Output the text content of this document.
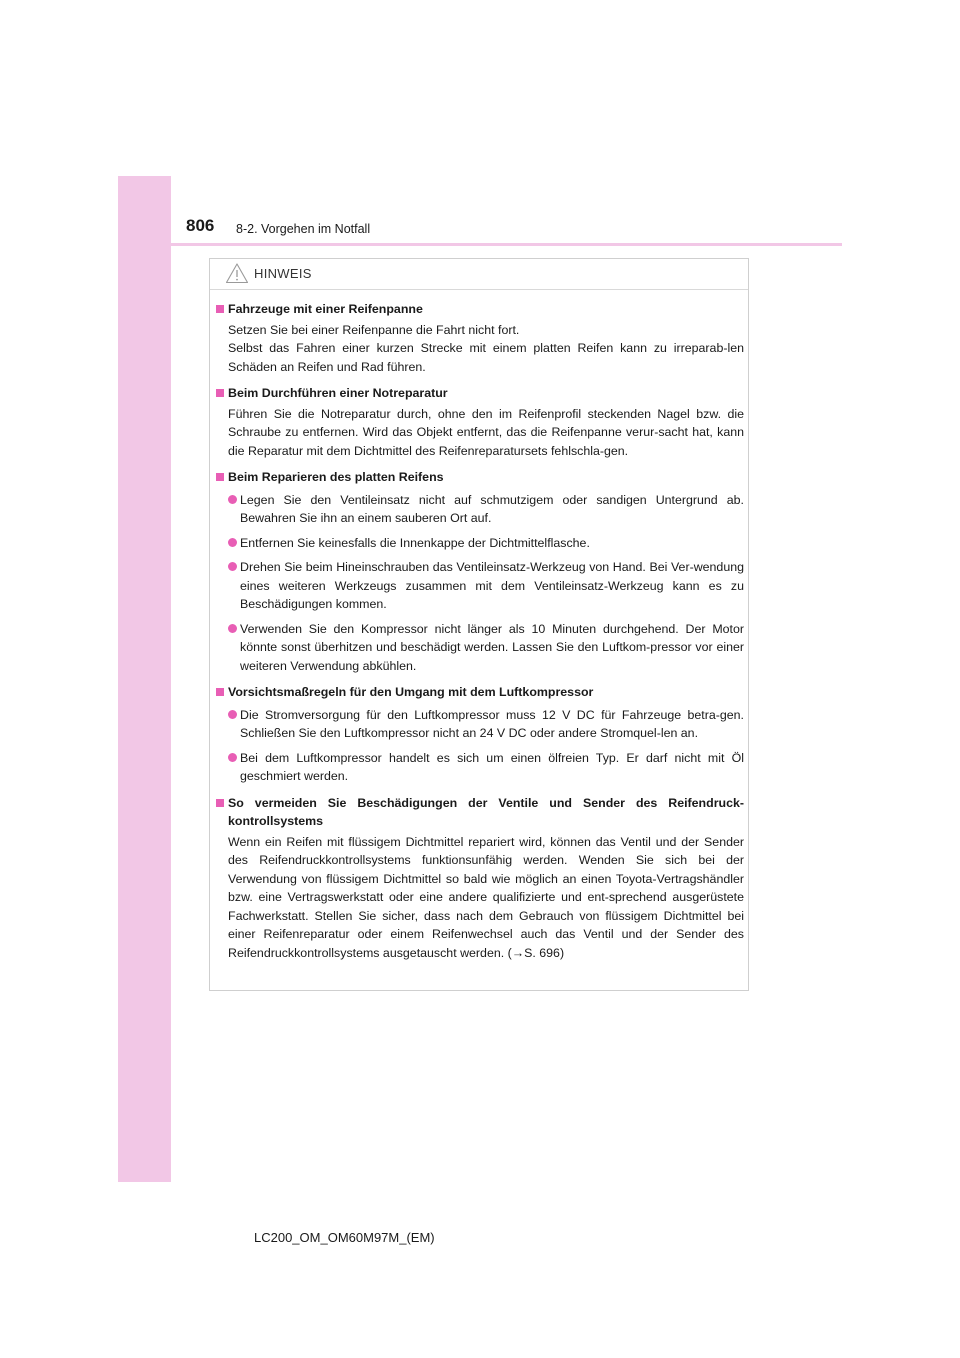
806 8-2. Vorgehen im Notfall
HINWEIS
Fahrzeuge mit einer Reifenpanne
Setzen Sie bei einer Reifenpanne die Fahrt nicht fort.
Selbst das Fahren einer kurzen Strecke mit einem platten Reifen kann zu irreparab-len Schäden an Reifen und Rad führen.
Beim Durchführen einer Notreparatur
Führen Sie die Notreparatur durch, ohne den im Reifenprofil steckenden Nagel bzw. die Schraube zu entfernen. Wird das Objekt entfernt, das die Reifenpanne verur-sacht hat, kann die Reparatur mit dem Dichtmittel des Reifenreparatursets fehlschla-gen.
Beim Reparieren des platten Reifens
Legen Sie den Ventileinsatz nicht auf schmutzigem oder sandigen Untergrund ab. Bewahren Sie ihn an einem sauberen Ort auf.
Entfernen Sie keinesfalls die Innenkappe der Dichtmittelflasche.
Drehen Sie beim Hineinschrauben das Ventileinsatz-Werkzeug von Hand. Bei Ver-wendung eines weiteren Werkzeugs zusammen mit dem Ventileinsatz-Werkzeug kann es zu Beschädigungen kommen.
Verwenden Sie den Kompressor nicht länger als 10 Minuten durchgehend. Der Motor könnte sonst überhitzen und beschädigt werden. Lassen Sie den Luftkom-pressor vor einer weiteren Verwendung abkühlen.
Vorsichtsmaßregeln für den Umgang mit dem Luftkompressor
Die Stromversorgung für den Luftkompressor muss 12 V DC für Fahrzeuge betra-gen. Schließen Sie den Luftkompressor nicht an 24 V DC oder andere Stromquel-len an.
Bei dem Luftkompressor handelt es sich um einen ölfreien Typ. Er darf nicht mit Öl geschmiert werden.
So vermeiden Sie Beschädigungen der Ventile und Sender des Reifendruck-kontrollsystems
Wenn ein Reifen mit flüssigem Dichtmittel repariert wird, können das Ventil und der Sender des Reifendruckkontrollsystems funktionsunfähig werden. Wenden Sie sich bei der Verwendung von flüssigem Dichtmittel so bald wie möglich an einen Toyota-Vertragshändler bzw. eine Vertragswerkstatt oder eine andere qualifizierte und ent-sprechend ausgerüstete Fachwerkstatt. Stellen Sie sicher, dass nach dem Gebrauch von flüssigem Dichtmittel bei einer Reifenreparatur oder einem Reifenwechsel auch das Ventil und der Sender des Reifendruckkontrollsystems ausgetauscht werden. (→S. 696)
LC200_OM_OM60M97M_(EM)
